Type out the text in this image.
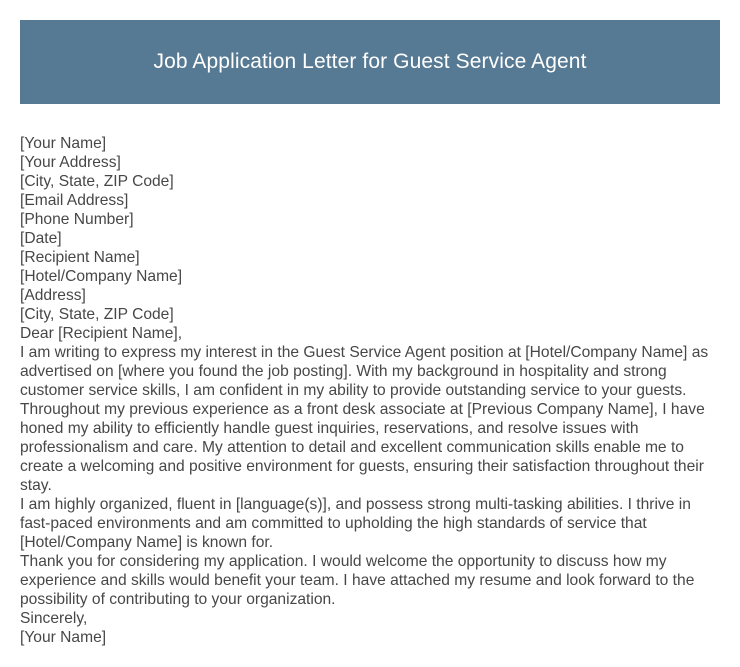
Job Application Letter for Guest Service Agent

[Your Name]

[Your Address]

[City, State, ZIP Code]

[Email Address]

[Phone Number]

[Date]

[Recipient Name]

[Hotel/Company Name]

[Address]

[City, State, ZIP Code]

Dear [Recipient Name],

I am writing to express my interest in the Guest Service Agent position at [Hotel/Company Name] as advertised on [where you found the job posting]. With my background in hospitality and strong customer service skills, I am confident in my ability to provide outstanding service to your guests. Throughout my previous experience as a front desk associate at [Previous Company Name], I have honed my ability to efficiently handle guest inquiries, reservations, and resolve issues with professionalism and care. My attention to detail and excellent communication skills enable me to create a welcoming and positive environment for guests, ensuring their satisfaction throughout their stay.

I am highly organized, fluent in [language(s)], and possess strong multi-tasking abilities. I thrive in fast-paced environments and am committed to upholding the high standards of service that [Hotel/Company Name] is known for.

Thank you for considering my application. I would welcome the opportunity to discuss how my experience and skills would benefit your team. I have attached my resume and look forward to the possibility of contributing to your organization.

Sincerely,

[Your Name]
